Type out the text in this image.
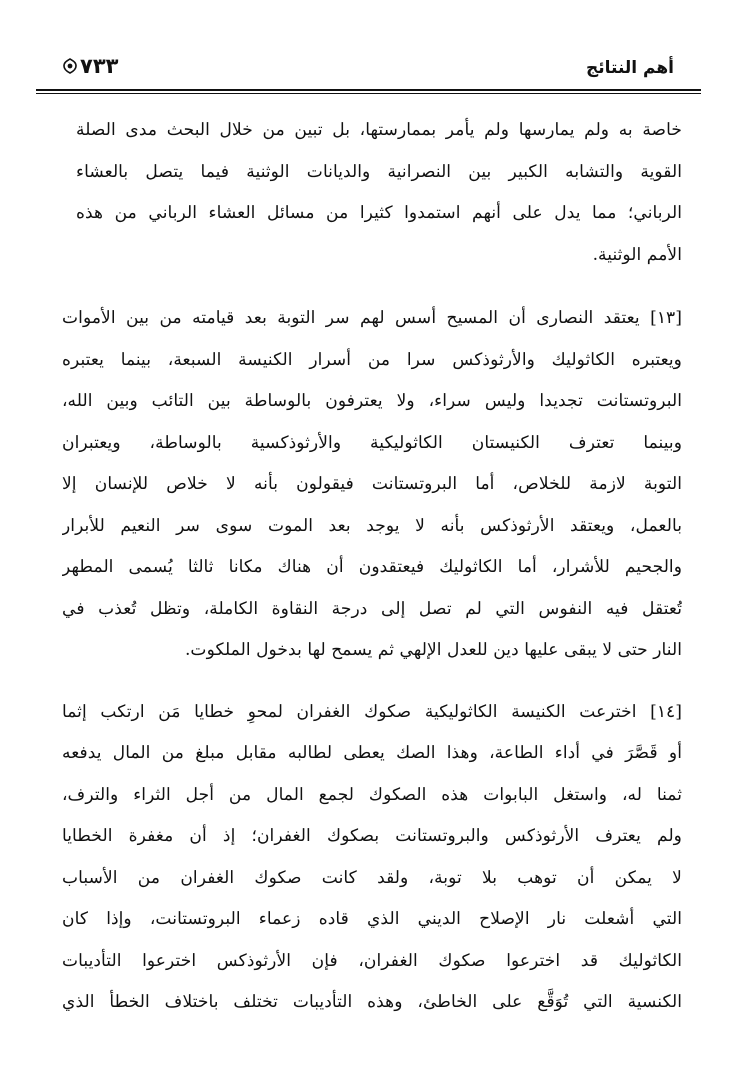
أهم النتائج
٧٣٣
خاصة به ولم يمارسها ولم يأمر بممارستها، بل تبين من خلال البحث مدى الصلة
القوية والتشابه الكبير بين النصرانية والديانات الوثنية فيما يتصل بالعشاء
الرباني؛ مما يدل على أنهم استمدوا كثيرا من مسائل العشاء الرباني من هذه
الأمم الوثنية.
[١٣] يعتقد النصارى أن المسيح أسس لهم سر التوبة بعد قيامته من بين الأموات
ويعتبره الكاثوليك والأرثوذكس سرا من أسرار الكنيسة السبعة، بينما يعتبره
البروتستانت تجديدا وليس سراء، ولا يعترفون بالوساطة بين التائب وبين الله،
وبينما تعترف الكنيستان الكاثوليكية والأرثوذكسية بالوساطة، ويعتبران
التوبة لازمة للخلاص، أما البروتستانت فيقولون بأنه لا خلاص للإنسان إلا
بالعمل، ويعتقد الأرثوذكس بأنه لا يوجد بعد الموت سوى سر النعيم للأبرار
والجحيم للأشرار، أما الكاثوليك فيعتقدون أن هناك مكانا ثالثا يُسمى المطهر
تُعتقل فيه النفوس التي لم تصل إلى درجة النقاوة الكاملة، وتظل تُعذب في
النار حتى لا يبقى عليها دين للعدل الإلهي ثم يسمح لها بدخول الملكوت.
[١٤] اخترعت الكنيسة الكاثوليكية صكوك الغفران لمحوِ خطايا مَن ارتكب إثما
أو قَصَّرَ في أداء الطاعة، وهذا الصك يعطى لطالبه مقابل مبلغ من المال يدفعه
ثمنا له، واستغل البابوات هذه الصكوك لجمع المال من أجل الثراء والترف،
ولم يعترف الأرثوذكس والبروتستانت بصكوك الغفران؛ إذ أن مغفرة الخطايا
لا يمكن أن توهب بلا توبة، ولقد كانت صكوك الغفران من الأسباب
التي أشعلت نار الإصلاح الديني الذي قاده زعماء البروتستانت، وإذا كان
الكاثوليك قد اخترعوا صكوك الغفران، فإن الأرثوذكس اخترعوا التأديبات
الكنسية التي تُوَقَّع على الخاطئ، وهذه التأديبات تختلف باختلاف الخطأ الذي
